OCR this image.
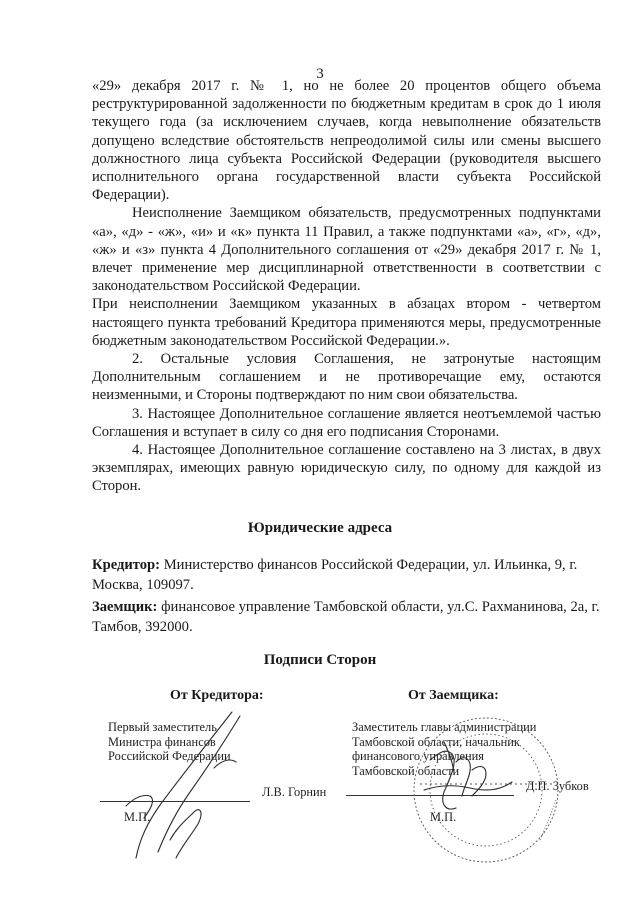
3

«29» декабря 2017 г. № 1, но не более 20 процентов общего объема реструктурированной задолженности по бюджетным кредитам в срок до 1 июля текущего года (за исключением случаев, когда невыполнение обязательств допущено вследствие обстоятельств непреодолимой силы или смены высшего должностного лица субъекта Российской Федерации (руководителя высшего исполнительного органа государственной власти субъекта Российской Федерации).

Неисполнение Заемщиком обязательств, предусмотренных подпунктами «а», «д» - «ж», «и» и «к» пункта 11 Правил, а также подпунктами «а», «г», «д», «ж» и «з» пункта 4 Дополнительного соглашения от «29» декабря 2017 г. № 1, влечет применение мер дисциплинарной ответственности в соответствии с законодательством Российской Федерации.

При неисполнении Заемщиком указанных в абзацах втором - четвертом настоящего пункта требований Кредитора применяются меры, предусмотренные бюджетным законодательством Российской Федерации.».

2. Остальные условия Соглашения, не затронутые настоящим Дополнительным соглашением и не противоречащие ему, остаются неизменными, и Стороны подтверждают по ним свои обязательства.

3. Настоящее Дополнительное соглашение является неотъемлемой частью Соглашения и вступает в силу со дня его подписания Сторонами.

4. Настоящее Дополнительное соглашение составлено на 3 листах, в двух экземплярах, имеющих равную юридическую силу, по одному для каждой из Сторон.

Юридические адреса
Кредитор: Министерство финансов Российской Федерации, ул. Ильинка, 9, г. Москва, 109097.
Заемщик: финансовое управление Тамбовской области, ул.С. Рахманинова, 2а, г. Тамбов, 392000.
Подписи Сторон
От Кредитора:
Первый заместитель
Министра финансов
Российской Федерации
Л.В. Горнин
М.П.
От Заемщика:
Заместитель главы администрации
Тамбовской области, начальник
финансового управления
Тамбовской области
Д.П. Зубков
М.П.
